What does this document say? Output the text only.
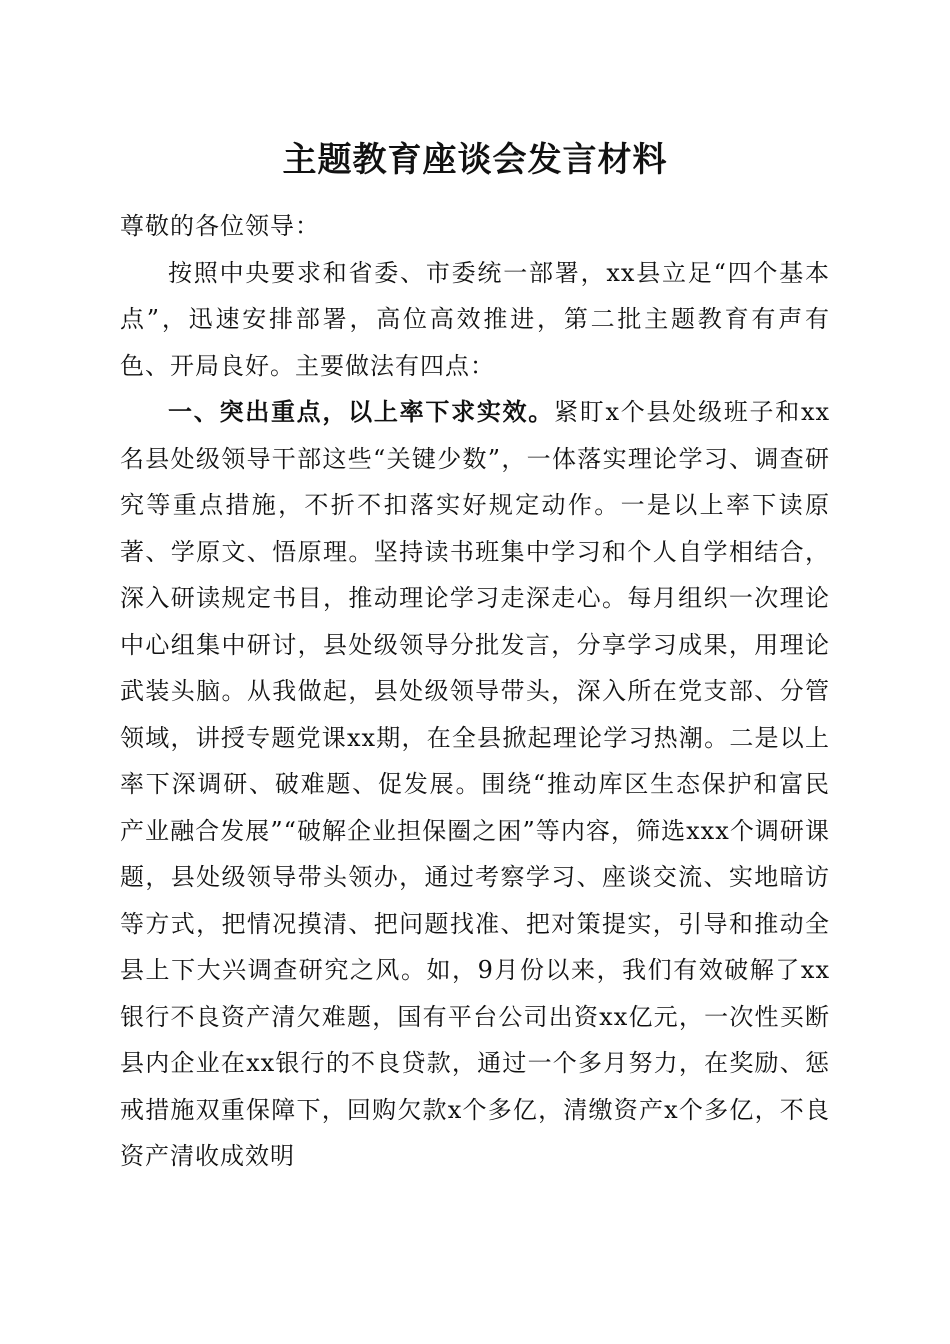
主题教育座谈会发言材料

尊敬的各位领导：

按照中央要求和省委、市委统一部署，xx县立足“四个基本点”，迅速安排部署，高位高效推进，第二批主题教育有声有色、开局良好。主要做法有四点：

一、突出重点，以上率下求实效。紧盯x个县处级班子和xx名县处级领导干部这些“关键少数”，一体落实理论学习、调查研究等重点措施，不折不扣落实好规定动作。一是以上率下读原著、学原文、悟原理。坚持读书班集中学习和个人自学相结合，深入研读规定书目，推动理论学习走深走心。每月组织一次理论中心组集中研讨，县处级领导分批发言，分享学习成果，用理论武装头脑。从我做起，县处级领导带头，深入所在党支部、分管领域，讲授专题党课xx期，在全县掀起理论学习热潮。二是以上率下深调研、破难题、促发展。围绕“推动库区生态保护和富民产业融合发展”“破解企业担保圈之困”等内容，筛选xxx个调研课题，县处级领导带头领办，通过考察学习、座谈交流、实地暗访等方式，把情况摸清、把问题找准、把对策提实，引导和推动全县上下大兴调查研究之风。如，9月份以来，我们有效破解了xx银行不良资产清欠难题，国有平台公司出资xx亿元，一次性买断县内企业在xx银行的不良贷款，通过一个多月努力，在奖励、惩戒措施双重保障下，回购欠款x个多亿，清缴资产x个多亿，不良资产清收成效明
